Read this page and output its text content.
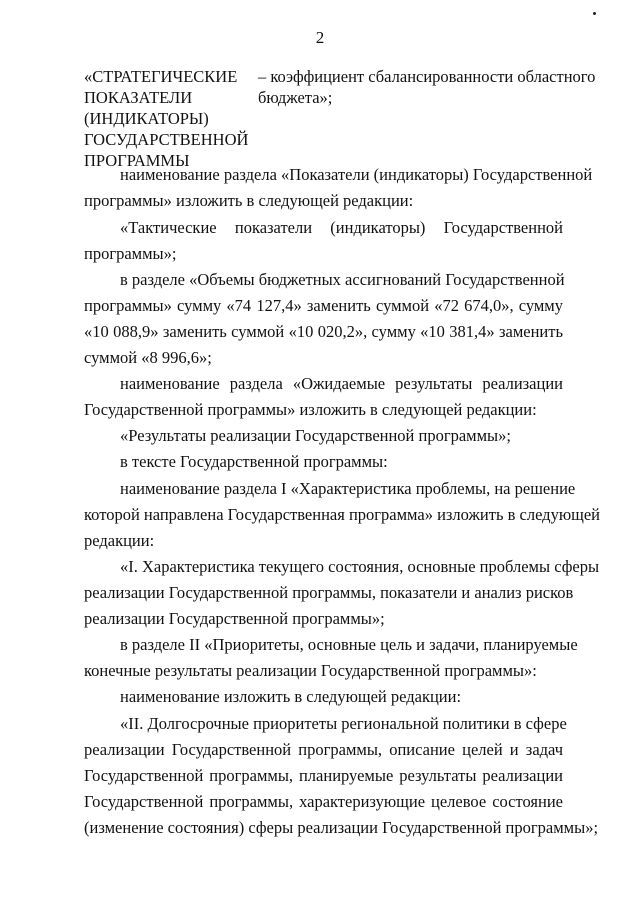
2
«СТРАТЕГИЧЕСКИЕ – коэффициент сбалансированности областного
ПОКАЗАТЕЛИ	бюджета»;
(ИНДИКАТОРЫ)
ГОСУДАРСТВЕННОЙ
ПРОГРАММЫ
наименование раздела «Показатели (индикаторы) Государственной
программы» изложить в следующей редакции:
«Тактические показатели (индикаторы) Государственной
программы»;
в разделе «Объемы бюджетных ассигнований Государственной
программы» сумму «74 127,4» заменить суммой «72 674,0», сумму
«10 088,9» заменить суммой «10 020,2», сумму «10 381,4» заменить
суммой «8 996,6»;
наименование раздела «Ожидаемые результаты реализации
Государственной программы» изложить в следующей редакции:
«Результаты реализации Государственной программы»;
в тексте Государственной программы:
наименование раздела I «Характеристика проблемы, на решение
которой направлена Государственная программа» изложить в следующей
редакции:
«I. Характеристика текущего состояния, основные проблемы сферы
реализации Государственной программы, показатели и анализ рисков
реализации Государственной программы»;
в разделе II «Приоритеты, основные цель и задачи, планируемые
конечные результаты реализации Государственной программы»:
наименование изложить в следующей редакции:
«II. Долгосрочные приоритеты региональной политики в сфере
реализации Государственной программы, описание целей и задач
Государственной программы, планируемые результаты реализации
Государственной программы, характеризующие целевое состояние
(изменение состояния) сферы реализации Государственной программы»;
